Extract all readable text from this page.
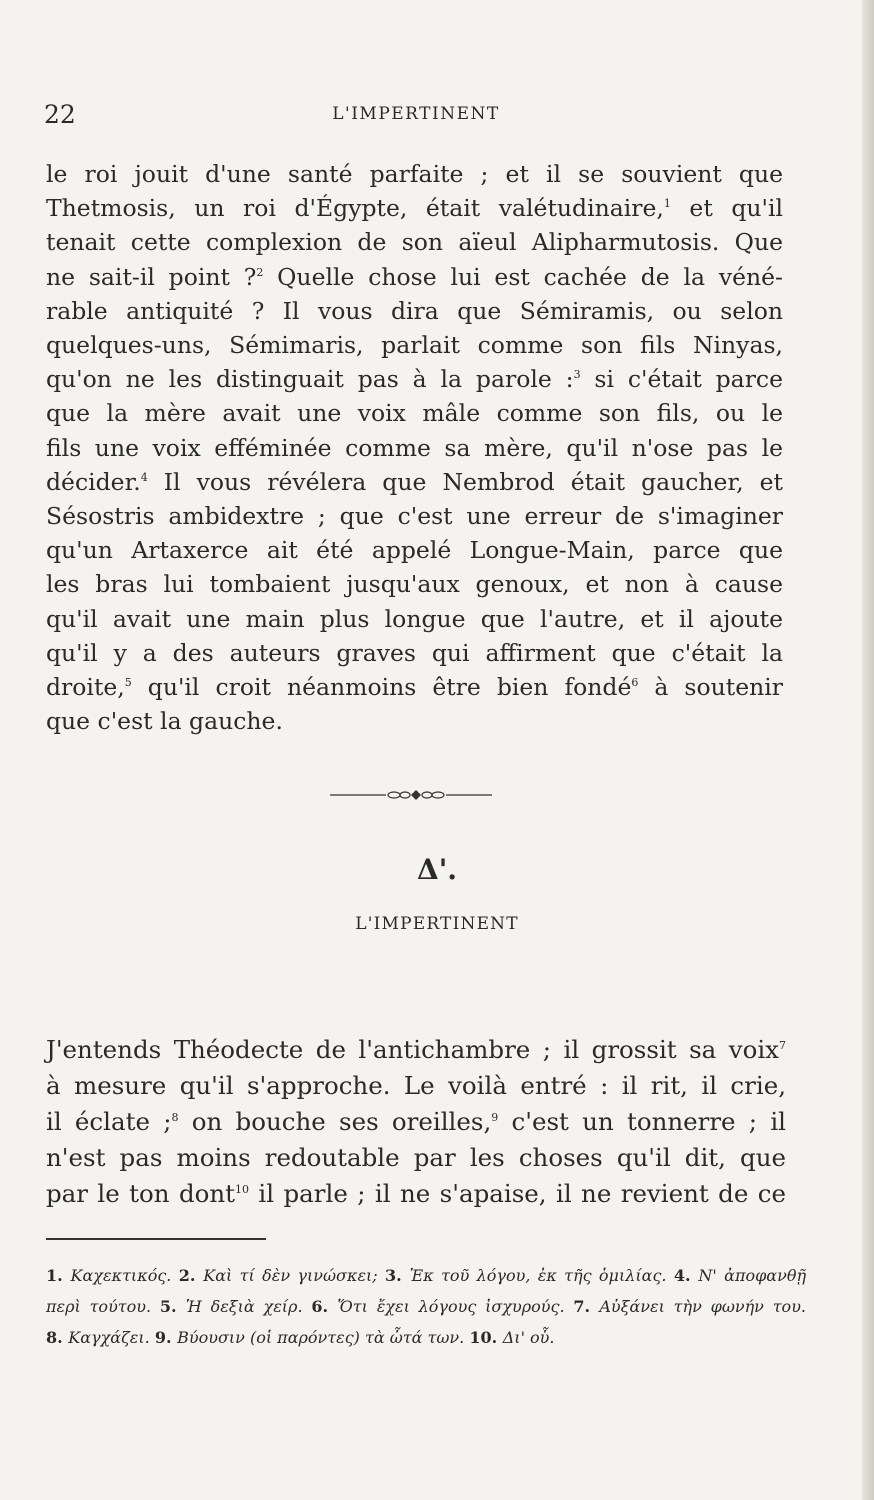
22	L'IMPERTINENT
le roi jouit d'une santé parfaite ; et il se souvient que
Thetmosis, un roi d'Égypte, était valétudinaire,$^1$ et qu'il
tenait cette complexion de son aïeul Alipharmutosis. Que
ne sait-il point ?$^2$ Quelle chose lui est cachée de la véné-
rable antiquité ? Il vous dira que Sémiramis, ou selon
quelques-uns, Sémimaris, parlait comme son fils Ninyas,
qu'on ne les distinguait pas à la parole :$^3$ si c'était parce
que la mère avait une voix mâle comme son fils, ou le
fils une voix efféminée comme sa mère, qu'il n'ose pas le
décider.$^4$ Il vous révélera que Nembrod était gaucher, et
Sésostris ambidextre ; que c'est une erreur de s'imaginer
qu'un Artaxerce ait été appelé Longue-Main, parce que
les bras lui tombaient jusqu'aux genoux, et non à cause
qu'il avait une main plus longue que l'autre, et il ajoute
qu'il y a des auteurs graves qui affirment que c'était la
droite,$^5$ qu'il croit néanmoins être bien fondé$^6$ à soutenir
que c'est la gauche.
Δ'.
L'IMPERTINENT
J'entends Théodecte de l'antichambre ; il grossit sa voix$^7$
à mesure qu'il s'approche. Le voilà entré : il rit, il crie,
il éclate ;$^8$ on bouche ses oreilles,$^9$ c'est un tonnerre ; il
n'est pas moins redoutable par les choses qu'il dit, que
par le ton dont$^{10}$ il parle ; il ne s'apaise, il ne revient de ce
1. Καχεκτικός. 2. Καὶ τί δὲν γινώσκει; 3. Ἐκ τοῦ λόγου, ἐκ τῆς ὁμιλίας. 4. Ν' ἀποφανθῇ
περὶ τούτου. 5. Ἡ δεξιὰ χείρ. 6. Ὅτι ἔχει λόγους ἰσχυρούς. 7. Αὐξάνει τὴν φωνήν του.
8. Καγχάζει. 9. Βύουσιν (οἱ παρόντες) τὰ ὦτά των. 10. Δι' οὗ.
